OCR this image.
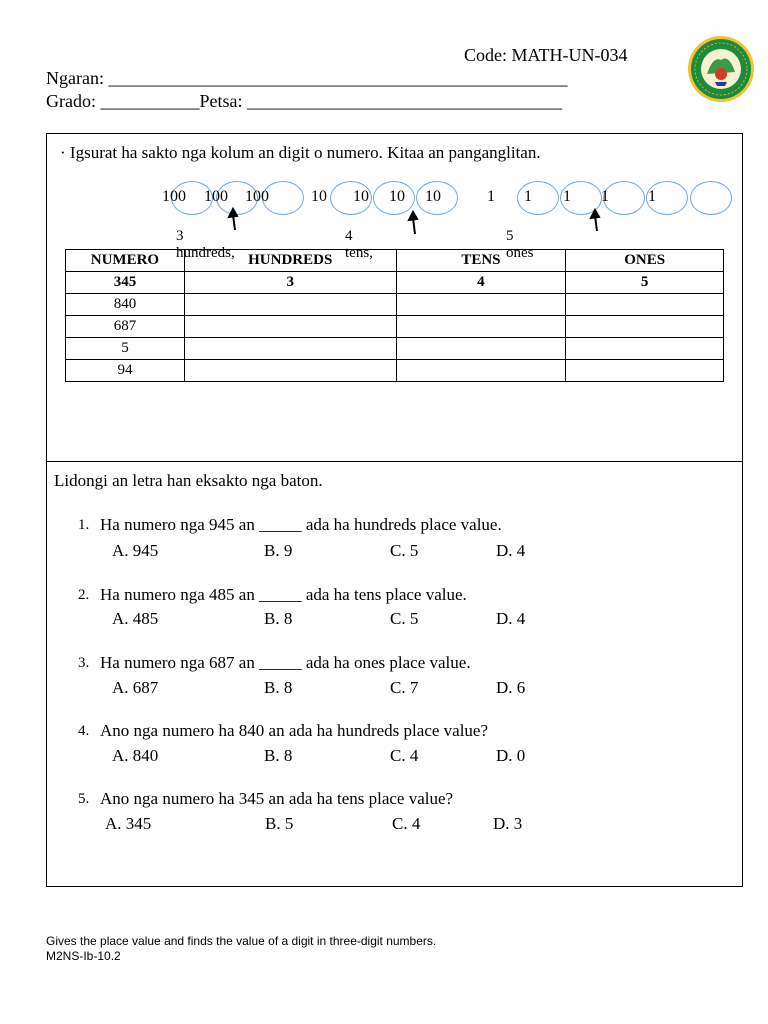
Code: MATH-UN-034
Ngaran: ___________________________________________________
Grado: ___________Petsa: ___________________________________
· Igsurat ha sakto nga kolum an digit o numero. Kitaa an panganglitan.
100 100 100	10 10 10 10	1 1 1 1 1
3 hundreds,
4 tens,
5 ones
NUMERO	HUNDREDS	TENS	ONES
345	3	4	5
840			
687			
5			
94			
Lidongi an letra han eksakto nga baton.
1. Ha numero nga 945 an _____ ada ha hundreds place value.
A. 945	B. 9	C. 5	D. 4
2. Ha numero nga 485 an _____ ada ha tens place value.
A. 485	B. 8	C. 5	D. 4
3. Ha numero nga 687 an _____ ada ha ones place value.
A. 687	B. 8	C. 7	D. 6
4. Ano nga numero ha 840 an ada ha hundreds place value?
A. 840	B. 8	C. 4	D. 0
5. Ano nga numero ha 345 an ada ha tens place value?
A. 345	B. 5	C. 4	D. 3
Gives the place value and finds the value of a digit in three-digit numbers.
M2NS-Ib-10.2
